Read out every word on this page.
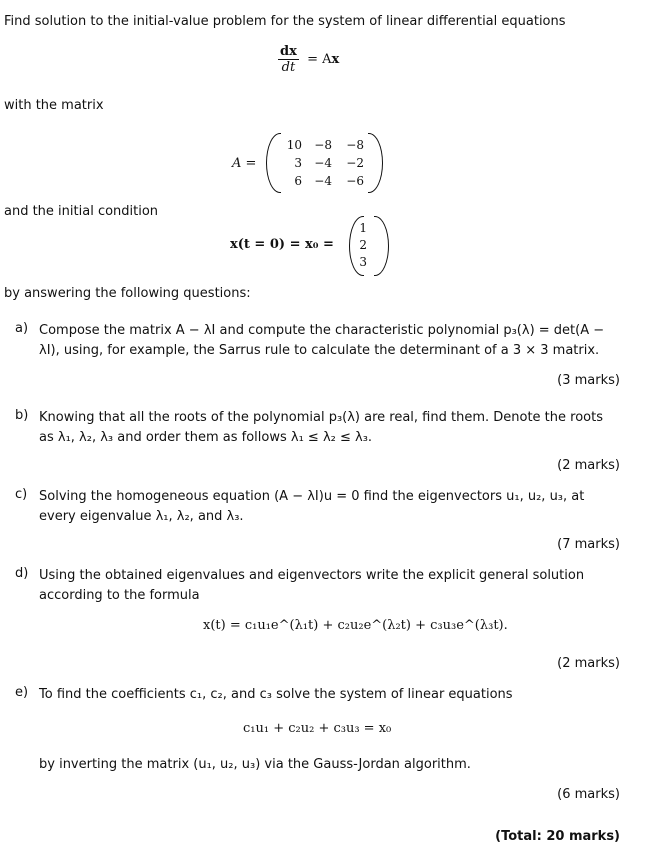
Find solution to the initial-value problem for the system of linear differential equations
$\frac{dx}{dt} = Ax$
with the matrix
A =
10	−8	−8
3	−4	−2
6	−4	−6
and the initial condition
x(t = 0) = x₀ =
1
2
3
by answering the following questions:
a) Compose the matrix A − λI and compute the characteristic polynomial p₃(λ) = det(A − λI), using, for example, the Sarrus rule to calculate the determinant of a 3 × 3 matrix.
(3 marks)
b) Knowing that all the roots of the polynomial p₃(λ) are real, find them. Denote the roots as λ₁, λ₂, λ₃ and order them as follows λ₁ ≤ λ₂ ≤ λ₃.
(2 marks)
c) Solving the homogeneous equation (A − λI)u = 0 find the eigenvectors u₁, u₂, u₃, at every eigenvalue λ₁, λ₂, and λ₃.
(7 marks)
d) Using the obtained eigenvalues and eigenvectors write the explicit general solution according to the formula
x(t) = c₁u₁e^(λ₁t) + c₂u₂e^(λ₂t) + c₃u₃e^(λ₃t).
(2 marks)
e) To find the coefficients c₁, c₂, and c₃ solve the system of linear equations
c₁u₁ + c₂u₂ + c₃u₃ = x₀
by inverting the matrix (u₁, u₂, u₃) via the Gauss-Jordan algorithm.
(6 marks)
(Total: 20 marks)
